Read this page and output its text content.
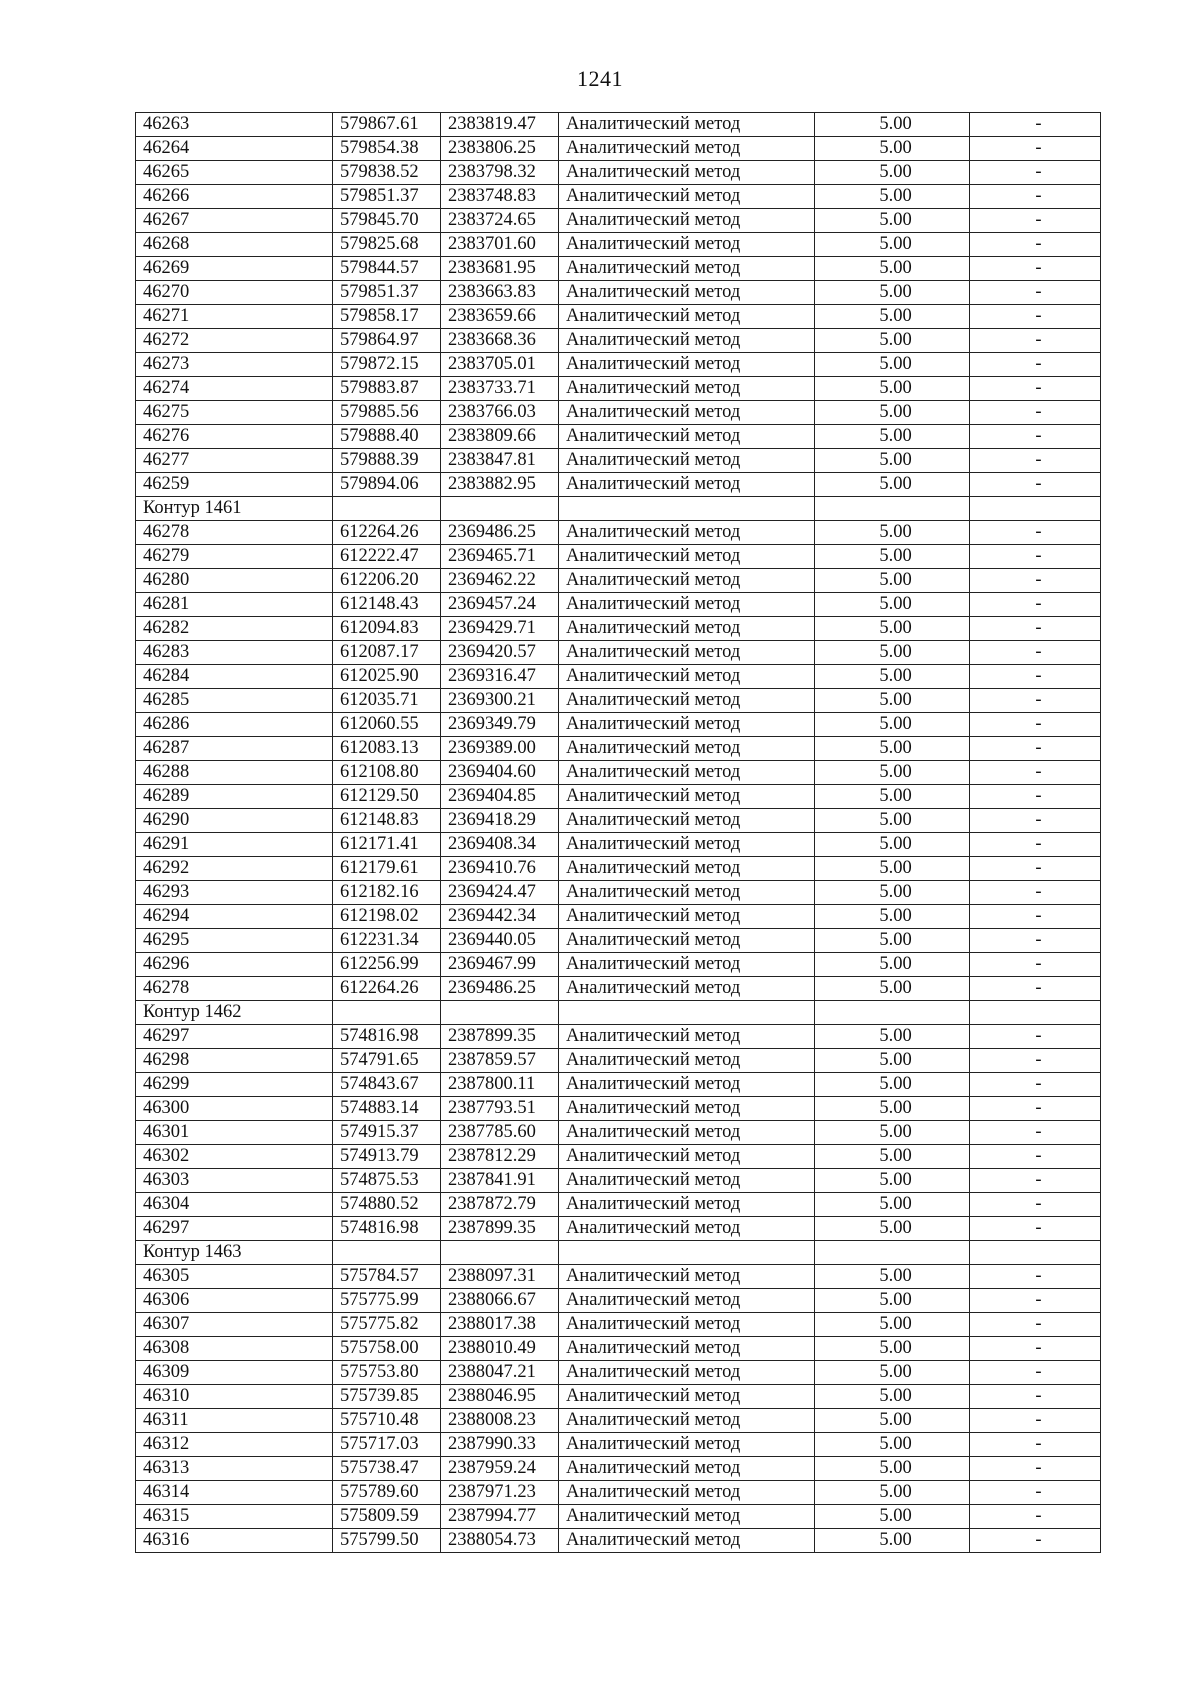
1241
46263	579867.61	2383819.47	Аналитический метод	5.00	-
46264	579854.38	2383806.25	Аналитический метод	5.00	-
46265	579838.52	2383798.32	Аналитический метод	5.00	-
46266	579851.37	2383748.83	Аналитический метод	5.00	-
46267	579845.70	2383724.65	Аналитический метод	5.00	-
46268	579825.68	2383701.60	Аналитический метод	5.00	-
46269	579844.57	2383681.95	Аналитический метод	5.00	-
46270	579851.37	2383663.83	Аналитический метод	5.00	-
46271	579858.17	2383659.66	Аналитический метод	5.00	-
46272	579864.97	2383668.36	Аналитический метод	5.00	-
46273	579872.15	2383705.01	Аналитический метод	5.00	-
46274	579883.87	2383733.71	Аналитический метод	5.00	-
46275	579885.56	2383766.03	Аналитический метод	5.00	-
46276	579888.40	2383809.66	Аналитический метод	5.00	-
46277	579888.39	2383847.81	Аналитический метод	5.00	-
46259	579894.06	2383882.95	Аналитический метод	5.00	-
Контур 1461					
46278	612264.26	2369486.25	Аналитический метод	5.00	-
46279	612222.47	2369465.71	Аналитический метод	5.00	-
46280	612206.20	2369462.22	Аналитический метод	5.00	-
46281	612148.43	2369457.24	Аналитический метод	5.00	-
46282	612094.83	2369429.71	Аналитический метод	5.00	-
46283	612087.17	2369420.57	Аналитический метод	5.00	-
46284	612025.90	2369316.47	Аналитический метод	5.00	-
46285	612035.71	2369300.21	Аналитический метод	5.00	-
46286	612060.55	2369349.79	Аналитический метод	5.00	-
46287	612083.13	2369389.00	Аналитический метод	5.00	-
46288	612108.80	2369404.60	Аналитический метод	5.00	-
46289	612129.50	2369404.85	Аналитический метод	5.00	-
46290	612148.83	2369418.29	Аналитический метод	5.00	-
46291	612171.41	2369408.34	Аналитический метод	5.00	-
46292	612179.61	2369410.76	Аналитический метод	5.00	-
46293	612182.16	2369424.47	Аналитический метод	5.00	-
46294	612198.02	2369442.34	Аналитический метод	5.00	-
46295	612231.34	2369440.05	Аналитический метод	5.00	-
46296	612256.99	2369467.99	Аналитический метод	5.00	-
46278	612264.26	2369486.25	Аналитический метод	5.00	-
Контур 1462					
46297	574816.98	2387899.35	Аналитический метод	5.00	-
46298	574791.65	2387859.57	Аналитический метод	5.00	-
46299	574843.67	2387800.11	Аналитический метод	5.00	-
46300	574883.14	2387793.51	Аналитический метод	5.00	-
46301	574915.37	2387785.60	Аналитический метод	5.00	-
46302	574913.79	2387812.29	Аналитический метод	5.00	-
46303	574875.53	2387841.91	Аналитический метод	5.00	-
46304	574880.52	2387872.79	Аналитический метод	5.00	-
46297	574816.98	2387899.35	Аналитический метод	5.00	-
Контур 1463					
46305	575784.57	2388097.31	Аналитический метод	5.00	-
46306	575775.99	2388066.67	Аналитический метод	5.00	-
46307	575775.82	2388017.38	Аналитический метод	5.00	-
46308	575758.00	2388010.49	Аналитический метод	5.00	-
46309	575753.80	2388047.21	Аналитический метод	5.00	-
46310	575739.85	2388046.95	Аналитический метод	5.00	-
46311	575710.48	2388008.23	Аналитический метод	5.00	-
46312	575717.03	2387990.33	Аналитический метод	5.00	-
46313	575738.47	2387959.24	Аналитический метод	5.00	-
46314	575789.60	2387971.23	Аналитический метод	5.00	-
46315	575809.59	2387994.77	Аналитический метод	5.00	-
46316	575799.50	2388054.73	Аналитический метод	5.00	-
